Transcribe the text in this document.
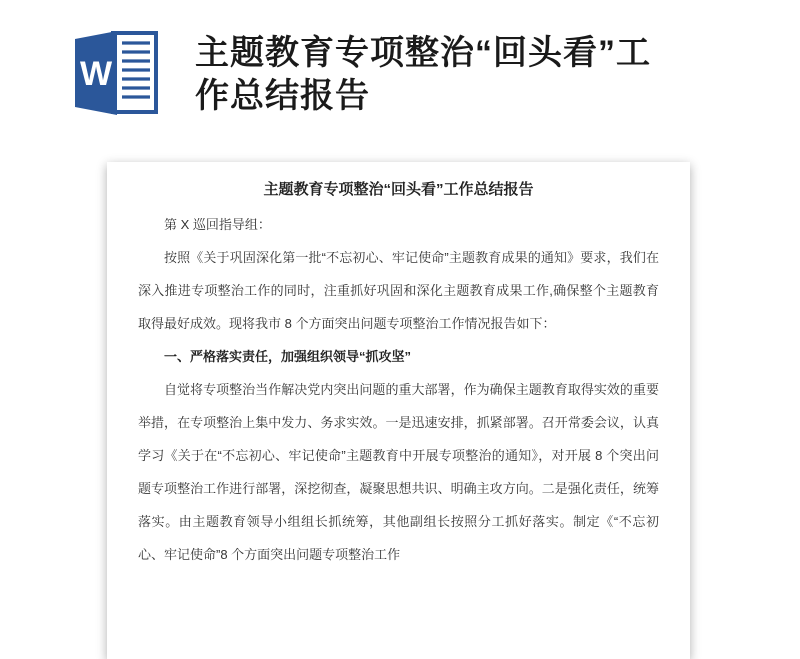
W
主题教育专项整治“回头看”工作总结报告
主题教育专项整治“回头看”工作总结报告

第 X 巡回指导组：

按照《关于巩固深化第一批“不忘初心、牢记使命”主题教育成果的通知》要求，我们在深入推进专项整治工作的同时，注重抓好巩固和深化主题教育成果工作,确保整个主题教育取得最好成效。现将我市 8 个方面突出问题专项整治工作情况报告如下：

一、严格落实责任，加强组织领导“抓攻坚”

自觉将专项整治当作解决党内突出问题的重大部署，作为确保主题教育取得实效的重要举措，在专项整治上集中发力、务求实效。一是迅速安排，抓紧部署。召开常委会议，认真学习《关于在“不忘初心、牢记使命”主题教育中开展专项整治的通知》，对开展 8 个突出问题专项整治工作进行部署，深挖彻查，凝聚思想共识、明确主攻方向。二是强化责任，统筹落实。由主题教育领导小组组长抓统筹，其他副组长按照分工抓好落实。制定《“不忘初心、牢记使命”8 个方面突出问题专项整治工作
